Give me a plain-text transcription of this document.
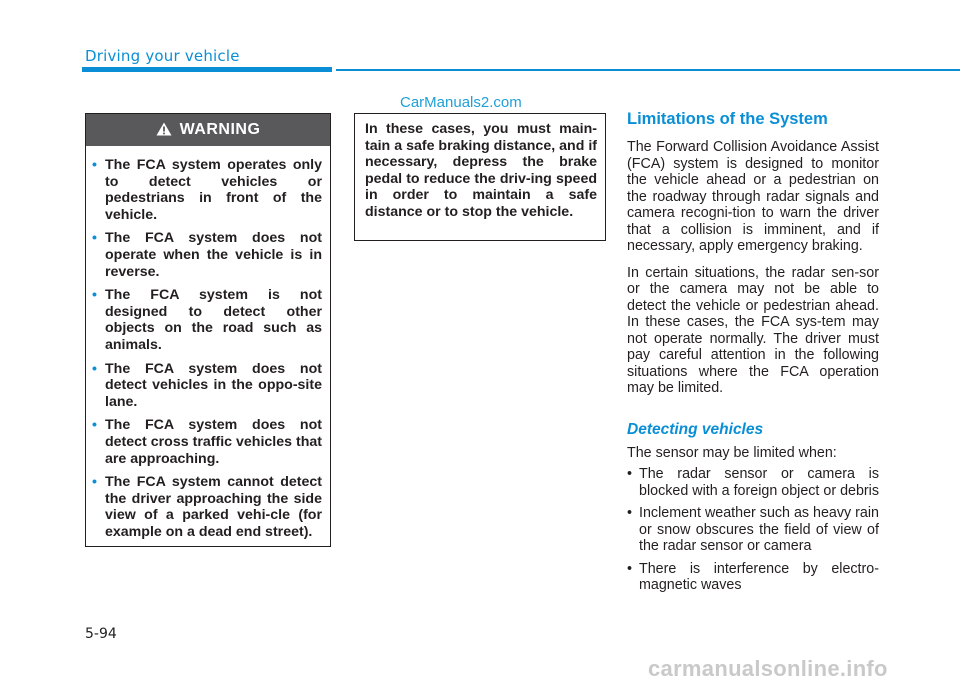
Driving your vehicle
CarManuals2.com
WARNING
• The FCA system operates only to detect vehicles or pedestrians in front of the vehicle.
• The FCA system does not operate when the vehicle is in reverse.
• The FCA system is not designed to detect other objects on the road such as animals.
• The FCA system does not detect vehicles in the oppo-site lane.
• The FCA system does not detect cross traffic vehicles that are approaching.
• The FCA system cannot detect the driver approaching the side view of a parked vehi-cle (for example on a dead end street).
In these cases, you must main-tain a safe braking distance, and if necessary, depress the brake pedal to reduce the driv-ing speed in order to maintain a safe distance or to stop the vehicle.
Limitations of the System

The Forward Collision Avoidance Assist (FCA) system is designed to monitor the vehicle ahead or a pedestrian on the roadway through radar signals and camera recogni-tion to warn the driver that a collision is imminent, and if necessary, apply emergency braking.

In certain situations, the radar sen-sor or the camera may not be able to detect the vehicle or pedestrian ahead. In these cases, the FCA sys-tem may not operate normally. The driver must pay careful attention in the following situations where the FCA operation may be limited.

Detecting vehicles
The sensor may be limited when:
• The radar sensor or camera is blocked with a foreign object or debris
• Inclement weather such as heavy rain or snow obscures the field of view of the radar sensor or camera
• There is interference by electro-magnetic waves
5-94
carmanualsonline.info
